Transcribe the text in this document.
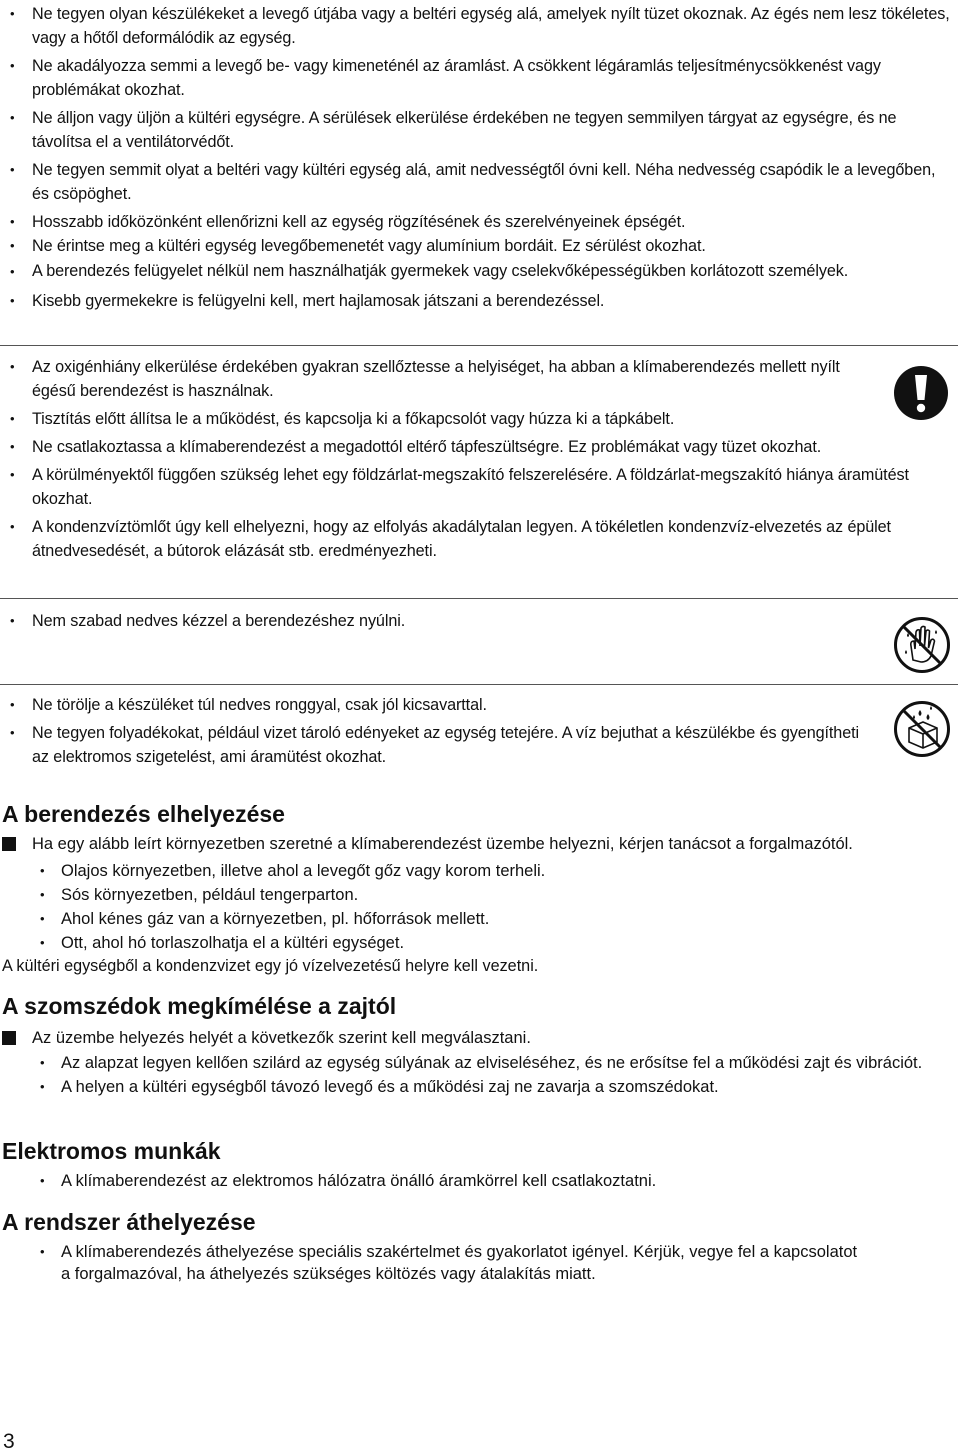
• Ne tegyen olyan készülékeket a levegő útjába vagy a beltéri egység alá, amelyek nyílt tüzet okoznak. Az égés nem lesz tökéletes, vagy a hőtől deformálódik az egység.
• Ne akadályozza semmi a levegő be- vagy kimeneténél az áramlást. A csökkent légáramlás teljesítménycsökkenést vagy problémákat okozhat.
• Ne álljon vagy üljön a kültéri egységre. A sérülések elkerülése érdekében ne tegyen semmilyen tárgyat az egységre, és ne távolítsa el a ventilátorvédőt.
• Ne tegyen semmit olyat a beltéri vagy kültéri egység alá, amit nedvességtől óvni kell. Néha nedvesség csapódik le a levegőben, és csöpöghet.
• Hosszabb időközönként ellenőrizni kell az egység rögzítésének és szerelvényeinek épségét.
• Ne érintse meg a kültéri egység levegőbemenetét vagy alumínium bordáit. Ez sérülést okozhat.
• A berendezés felügyelet nélkül nem használhatják gyermekek vagy cselekvőképességükben korlátozott személyek.
• Kisebb gyermekekre is felügyelni kell, mert hajlamosak játszani a berendezéssel.
• Az oxigénhiány elkerülése érdekében gyakran szellőztesse a helyiséget, ha abban a klímaberendezés mellett nyílt égésű berendezést is használnak.
• Tisztítás előtt állítsa le a működést, és kapcsolja ki a főkapcsolót vagy húzza ki a tápkábelt.
• Ne csatlakoztassa a klímaberendezést a megadottól eltérő tápfeszültségre. Ez problémákat vagy tüzet okozhat.
• A körülményektől függően szükség lehet egy földzárlat-megszakító felszerelésére. A földzárlat-megszakító hiánya áramütést okozhat.
• A kondenzvíztömlőt úgy kell elhelyezni, hogy az elfolyás akadálytalan legyen. A tökéletlen kondenzvíz-elvezetés az épület átnedvesedését, a bútorok elázását stb. eredményezheti.
• Nem szabad nedves kézzel a berendezéshez nyúlni.
• Ne törölje a készüléket túl nedves ronggyal, csak jól kicsavarttal.
• Ne tegyen folyadékokat, például vizet tároló edényeket az egység tetejére. A víz bejuthat a készülékbe és gyengítheti az elektromos szigetelést, ami áramütést okozhat.
A berendezés elhelyezése
Ha egy alább leírt környezetben szeretné a klímaberendezést üzembe helyezni, kérjen tanácsot a forgalmazótól.
• Olajos környezetben, illetve ahol a levegőt gőz vagy korom terheli.
• Sós környezetben, például tengerparton.
• Ahol kénes gáz van a környezetben, pl. hőforrások mellett.
• Ott, ahol hó torlaszolhatja el a kültéri egységet.
A kültéri egységből a kondenzvizet egy jó vízelvezetésű helyre kell vezetni.
A szomszédok megkímélése a zajtól
Az üzembe helyezés helyét a következők szerint kell megválasztani.
• Az alapzat legyen kellően szilárd az egység súlyának az elviseléséhez, és ne erősítse fel a működési zajt és vibrációt.
• A helyen a kültéri egységből távozó levegő és a működési zaj ne zavarja a szomszédokat.
Elektromos munkák
• A klímaberendezést az elektromos hálózatra önálló áramkörrel kell csatlakoztatni.
A rendszer áthelyezése
• A klímaberendezés áthelyezése speciális szakértelmet és gyakorlatot igényel. Kérjük, vegye fel a kapcsolatot a forgalmazóval, ha áthelyezés szükséges költözés vagy átalakítás miatt.
3
